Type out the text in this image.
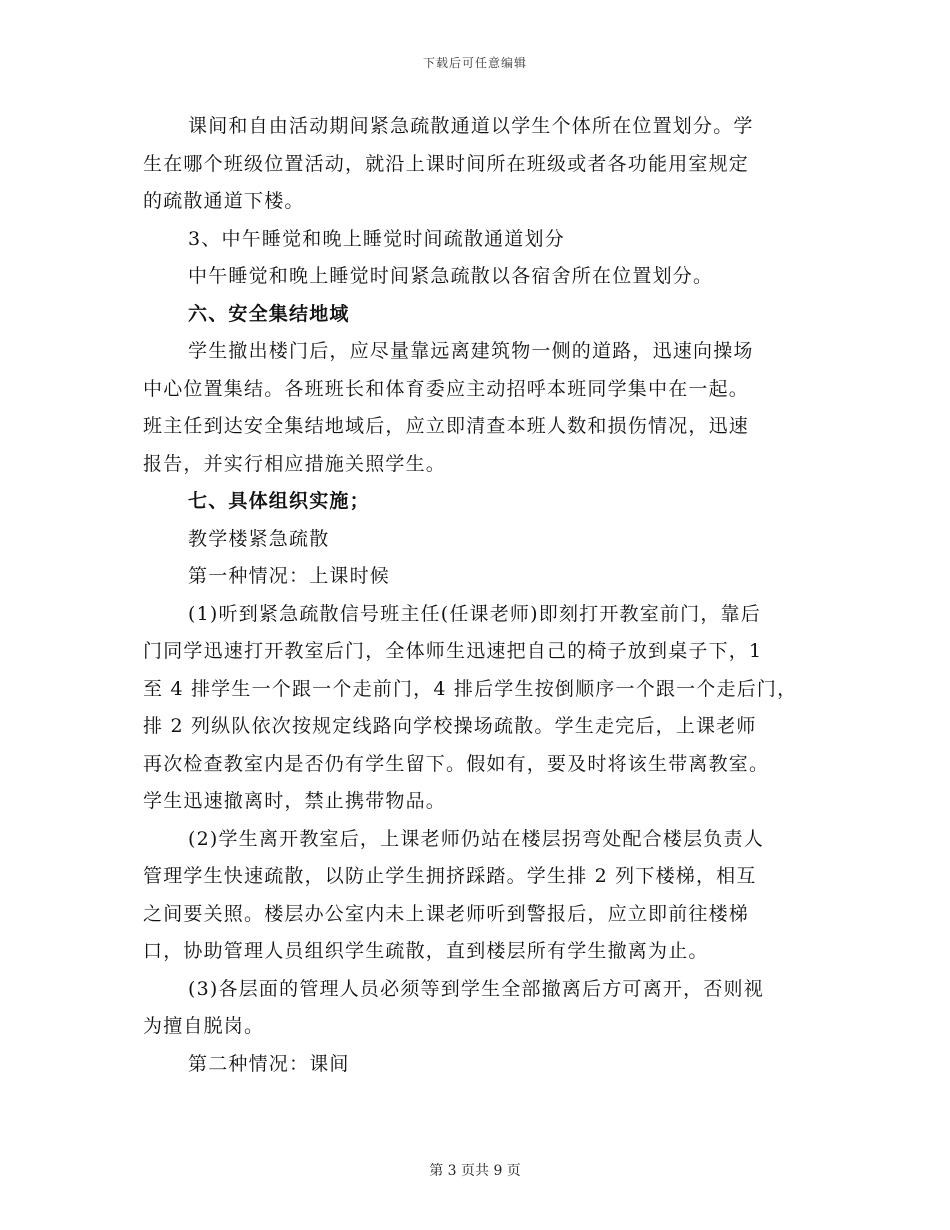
下载后可任意编辑
课间和自由活动期间紧急疏散通道以学生个体所在位置划分。学
生在哪个班级位置活动，就沿上课时间所在班级或者各功能用室规定
的疏散通道下楼。
3、中午睡觉和晚上睡觉时间疏散通道划分
中午睡觉和晚上睡觉时间紧急疏散以各宿舍所在位置划分。
六、安全集结地域
学生撤出楼门后，应尽量靠远离建筑物一侧的道路，迅速向操场
中心位置集结。各班班长和体育委应主动招呼本班同学集中在一起。
班主任到达安全集结地域后，应立即清查本班人数和损伤情况，迅速
报告，并实行相应措施关照学生。
七、具体组织实施；
教学楼紧急疏散
第一种情况：上课时候
(1)听到紧急疏散信号班主任(任课老师)即刻打开教室前门，靠后
门同学迅速打开教室后门，全体师生迅速把自己的椅子放到桌子下，1
至 4 排学生一个跟一个走前门，4 排后学生按倒顺序一个跟一个走后门，
排 2 列纵队依次按规定线路向学校操场疏散。学生走完后，上课老师
再次检查教室内是否仍有学生留下。假如有，要及时将该生带离教室。
学生迅速撤离时，禁止携带物品。
(2)学生离开教室后，上课老师仍站在楼层拐弯处配合楼层负责人
管理学生快速疏散，以防止学生拥挤踩踏。学生排 2 列下楼梯，相互
之间要关照。楼层办公室内未上课老师听到警报后，应立即前往楼梯
口，协助管理人员组织学生疏散，直到楼层所有学生撤离为止。
(3)各层面的管理人员必须等到学生全部撤离后方可离开，否则视
为擅自脱岗。
第二种情况：课间
第 3 页共 9 页
